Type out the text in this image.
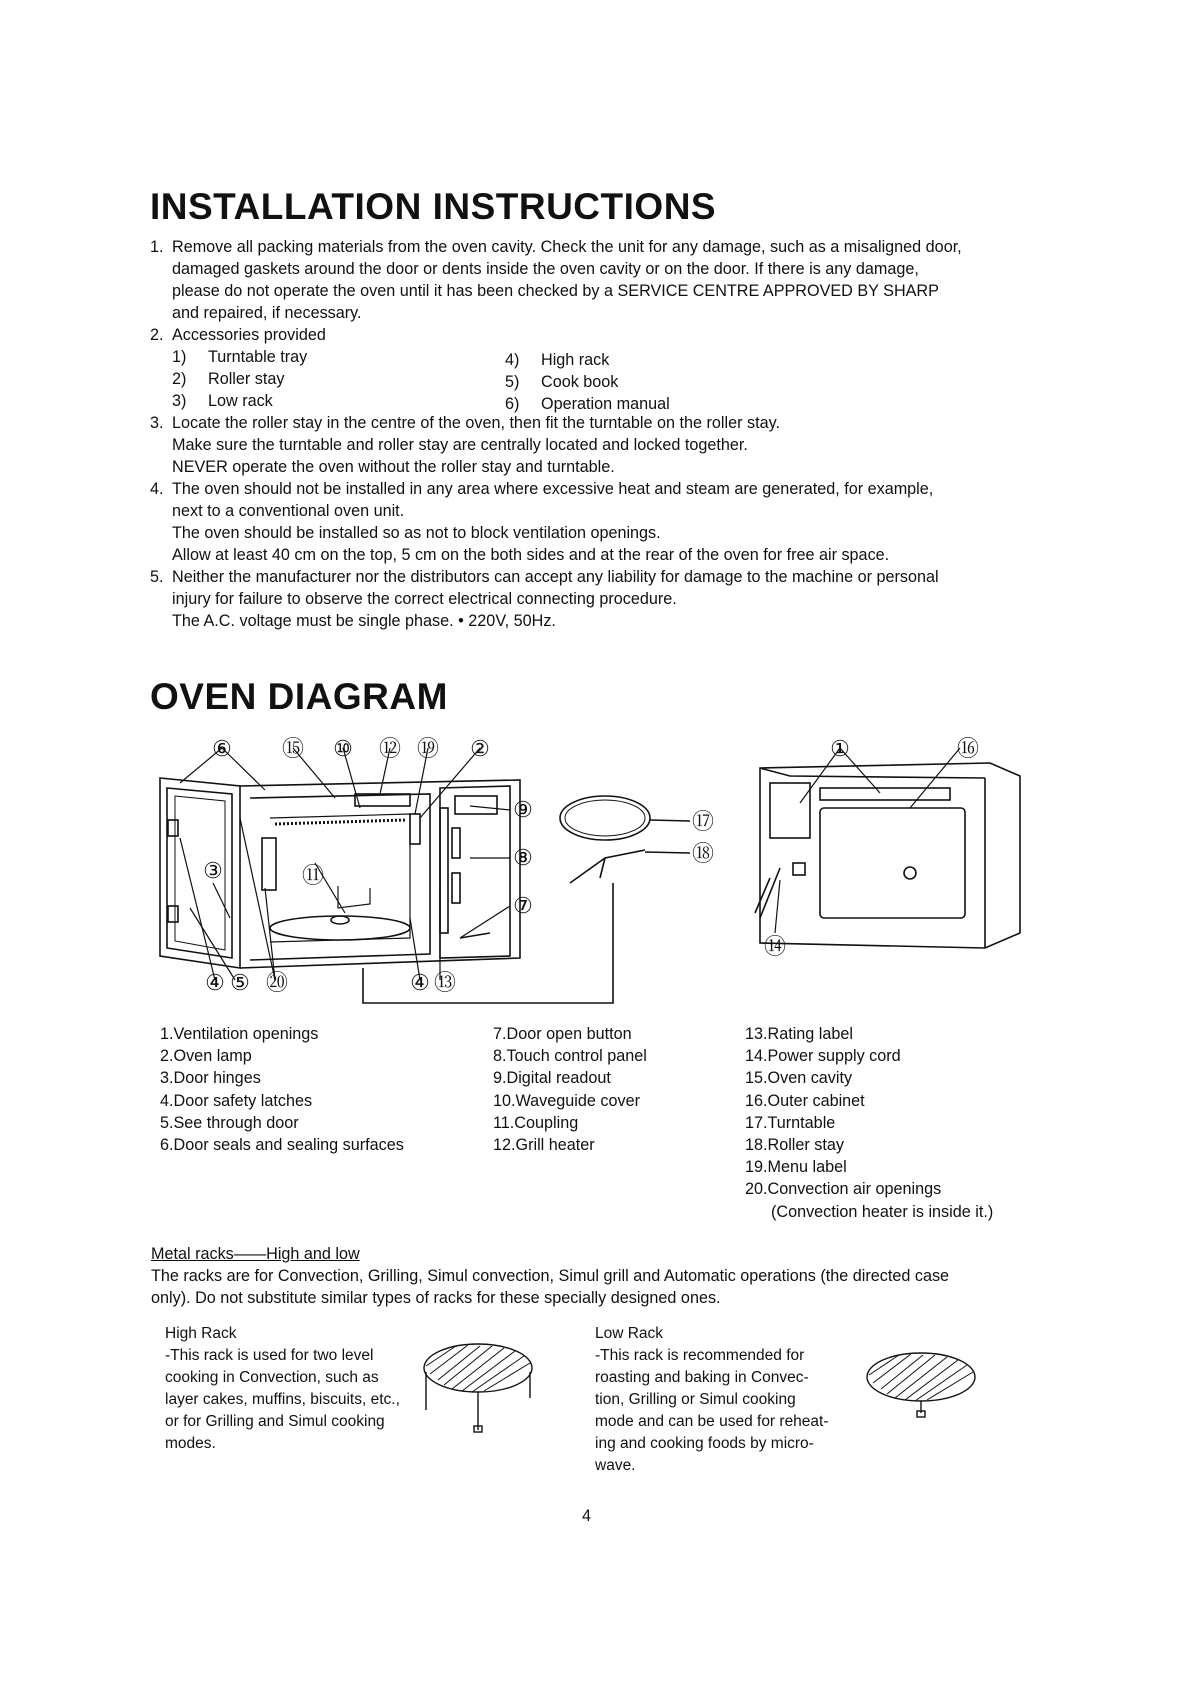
INSTALLATION INSTRUCTIONS
1. Remove all packing materials from the oven cavity. Check the unit for any damage, such as a misaligned door,
damaged gaskets around the door or dents inside the oven cavity or on the door. If there is any damage,
please do not operate the oven until it has been checked by a SERVICE CENTRE APPROVED BY SHARP
and repaired, if necessary.
2. Accessories provided
1) Turntable tray
2) Roller stay
3) Low rack
4) High rack
5) Cook book
6) Operation manual
3. Locate the roller stay in the centre of the oven, then fit the turntable on the roller stay.
Make sure the turntable and roller stay are centrally located and locked together.
NEVER operate the oven without the roller stay and turntable.
4. The oven should not be installed in any area where excessive heat and steam are generated, for example,
next to a conventional oven unit.
The oven should be installed so as not to block ventilation openings.
Allow at least 40 cm on the top, 5 cm on the both sides and at the rear of the oven for free air space.
5. Neither the manufacturer nor the distributors can accept any liability for damage to the machine or personal
injury for failure to observe the correct electrical connecting procedure.
The A.C. voltage must be single phase. • 220V, 50Hz.
OVEN DIAGRAM
⑥ ⑮ ⑩ ⑫ ⑲ ②
⑨
⑧
⑦
⑰
⑱
③	⑪
④ ⑤ ⑳	④ ⑬
①	⑯
⑭
1.Ventilation openings
2.Oven lamp
3.Door hinges
4.Door safety latches
5.See through door
6.Door seals and sealing surfaces
7.Door open button
8.Touch control panel
9.Digital readout
10.Waveguide cover
11.Coupling
12.Grill heater
13.Rating label
14.Power supply cord
15.Oven cavity
16.Outer cabinet
17.Turntable
18.Roller stay
19.Menu label
20.Convection air openings
(Convection heater is inside it.)
Metal racks——High and low
The racks are for Convection, Grilling, Simul convection, Simul grill and Automatic operations (the directed case
only). Do not substitute similar types of racks for these specially designed ones.
High Rack
-This rack is used for two level
cooking in Convection, such as
layer cakes, muffins, biscuits, etc.,
or for Grilling and Simul cooking
modes.
Low Rack
-This rack is recommended for
roasting and baking in Convec-
tion, Grilling or Simul cooking
mode and can be used for reheat-
ing and cooking foods by micro-
wave.
4
